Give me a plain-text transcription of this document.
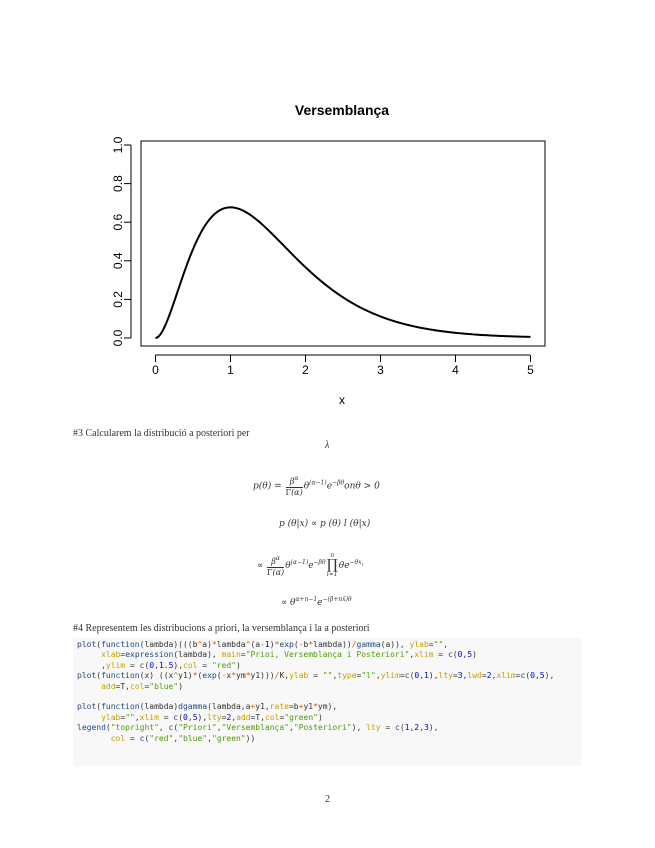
Versemblança
0	1	2	3	4	5
0.0
0.2
0.4
0.6
0.8
1.0
x
#3 Calcularem la distribució a posteriori per
λ
$p(\theta) = \frac{\beta^\alpha}{\Gamma(\alpha)} \theta^{(\alpha-1)}e^{-\beta\theta}on\theta > 0$
p (θ|x) ∝ p (θ) l (θ|x)
∝ $\frac{\beta^\alpha}{\Gamma(\alpha)} \theta^{(\alpha-1)}e^{-\beta\theta}$
n
∏
i=1
$\theta e^{-\theta x_i}$
∝ $\theta^{\alpha+n-1}e^{-(\beta+nx̄)\theta}$
#4 Representem les distribucions a priori, la versemblança i la a posteriori
plot(function(lambda)(((b^a)*lambda^(a-1)*exp(-b*lambda))/gamma(a)), ylab="",
xlab=expression(lambda), main="Prioi, Versemblança i Posteriori",xlim = c(0,5)
,ylim = c(0,1.5),col = "red")
plot(function(x) ((x^y1)*(exp(-x*ym*y1)))/K,ylab = "",type="l",ylim=c(0,1),lty=3,lwd=2,xlim=c(0,5),
add=T,col="blue")

plot(function(lambda)dgamma(lambda,a+y1,rate=b+y1*ym),
ylab="",xlim = c(0,5),lty=2,add=T,col="green")
legend("topright", c("Priori","Versemblança","Posteriori"), lty = c(1,2,3),
col = c("red","blue","green"))
2
